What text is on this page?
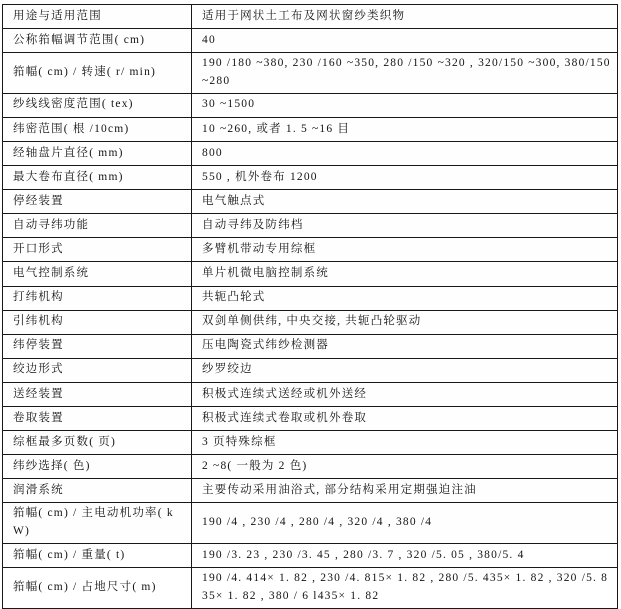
用途与适用范围	适用于网状土工布及网状窗纱类织物
公称筘幅调节范围( cm)	40
筘幅( cm) / 转速( r/ min)	190 /180 ~380, 230 /160 ~350, 280 /150 ~320 , 320/150 ~300, 380/150 ~280
纱线线密度范围( tex)	30 ~1500
纬密范围( 根 /10cm)	10 ~260, 或者 1. 5 ~16 目
经轴盘片直径( mm)	800
最大卷布直径( mm)	550 , 机外卷布 1200
停经装置	电气触点式
自动寻纬功能	自动寻纬及防纬档
开口形式	多臂机带动专用综框
电气控制系统	单片机微电脑控制系统
打纬机构	共轭凸轮式
引纬机构	双剑单侧供纬, 中央交接, 共轭凸轮驱动
纬停装置	压电陶瓷式纬纱检测器
绞边形式	纱罗绞边
送经装置	积极式连续式送经或机外送经
卷取装置	积极式连续式卷取或机外卷取
综框最多页数( 页)	3 页特殊综框
纬纱选择( 色)	2 ~8( 一般为 2 色)
润滑系统	主要传动采用油浴式, 部分结构采用定期强迫注油
筘幅( cm) / 主电动机功率( kW)	190 /4 , 230 /4 , 280 /4 , 320 /4 , 380 /4
筘幅( cm) / 重量( t)	190 /3. 23 , 230 /3. 45 , 280 /3. 7 , 320 /5. 05 , 380/5. 4
筘幅( cm) / 占地尺寸( m)	190 /4. 414× 1. 82 , 230 /4. 815× 1. 82 , 280 /5. 435× 1. 82 , 320 /5. 835× 1. 82 , 380 / 6 l435× 1. 82
